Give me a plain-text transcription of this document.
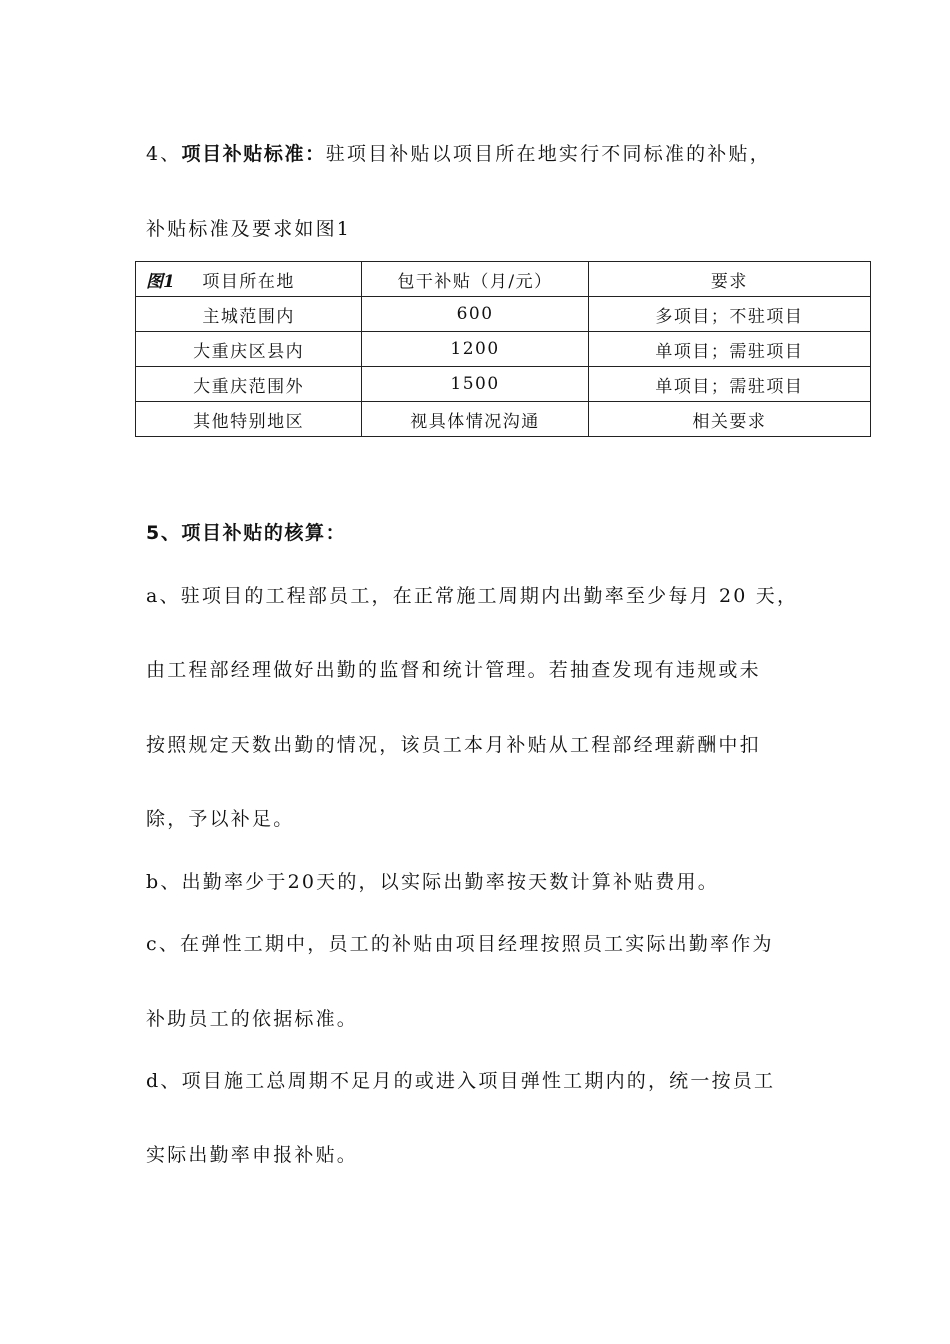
4、项目补贴标准：驻项目补贴以项目所在地实行不同标准的补贴，
补贴标准及要求如图1
图1 项目所在地	包干补贴（月/元）	要求
主城范围内	600	多项目；不驻项目
大重庆区县内	1200	单项目；需驻项目
大重庆范围外	1500	单项目；需驻项目
其他特别地区	视具体情况沟通	相关要求
5、项目补贴的核算：
a、驻项目的工程部员工，在正常施工周期内出勤率至少每月 20 天，
由工程部经理做好出勤的监督和统计管理。若抽查发现有违规或未
按照规定天数出勤的情况，该员工本月补贴从工程部经理薪酬中扣
除，予以补足。
b、出勤率少于20天的，以实际出勤率按天数计算补贴费用。
c、在弹性工期中，员工的补贴由项目经理按照员工实际出勤率作为
补助员工的依据标准。
d、项目施工总周期不足月的或进入项目弹性工期内的，统一按员工
实际出勤率申报补贴。
